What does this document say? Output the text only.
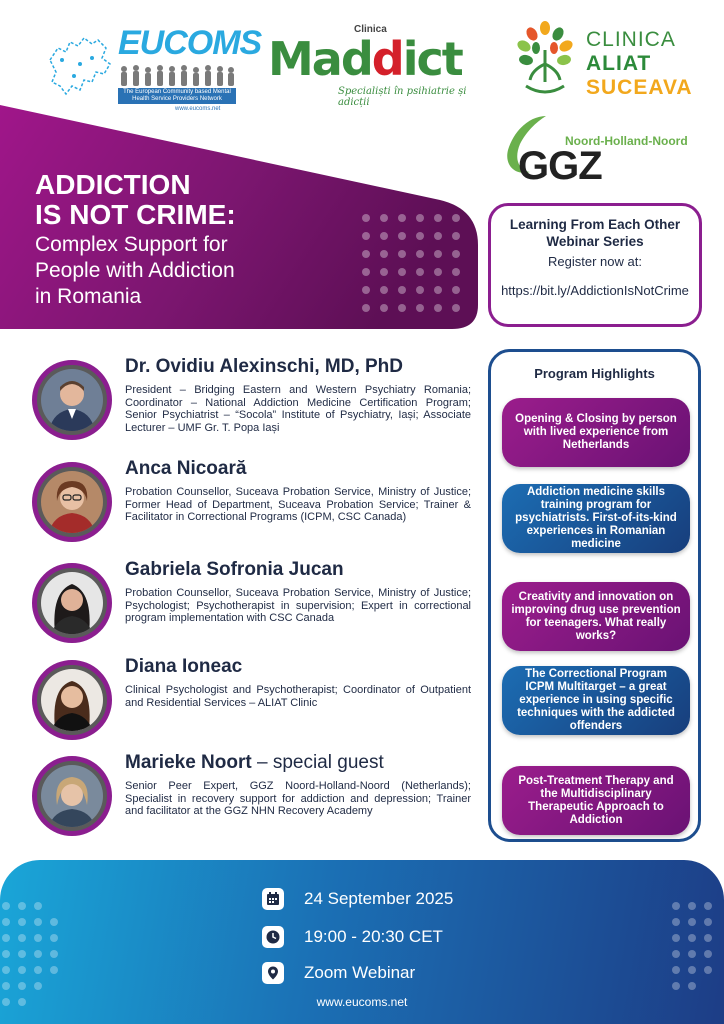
EUCOMS
The European Community based Mental Health Service Providers Network
www.eucoms.net
Clinica
Maddict
Specialiști în psihiatrie și adicții
CLINICA
ALIAT
SUCEAVA
Noord-Holland-Noord
GGZ
ADDICTION
IS NOT CRIME:
Complex Support for
People with Addiction
in Romania
Learning From Each Other Webinar Series
Register now at:
https://bit.ly/AddictionIsNotCrime
Dr. Ovidiu Alexinschi, MD, PhD

President – Bridging Eastern and Western Psychiatry Romania; Coordinator – National Addiction Medicine Certification Program; Senior Psychiatrist – “Socola” Institute of Psychiatry, Iași; Associate Lecturer – UMF Gr. T. Popa Iași

Anca Nicoară

Probation Counsellor, Suceava Probation Service, Ministry of Justice; Former Head of Department, Suceava Probation Service; Trainer & Facilitator in Correctional Programs (ICPM, CSC Canada)

Gabriela Sofronia Jucan

Probation Counsellor, Suceava Probation Service, Ministry of Justice; Psychologist; Psychotherapist in supervision; Expert in correctional program implementation with CSC Canada

Diana Ioneac

Clinical Psychologist and Psychotherapist; Coordinator of Outpatient and Residential Services – ALIAT Clinic

Marieke Noort – special guest

Senior Peer Expert, GGZ Noord-Holland-Noord (Netherlands); Specialist in recovery support for addiction and depression; Trainer and facilitator at the GGZ NHN Recovery Academy

Program Highlights
Opening & Closing by person with lived experience from Netherlands
Addiction medicine skills training program for psychiatrists. First-of-its-kind experiences in Romanian medicine
Creativity and innovation on improving drug use prevention for teenagers. What really works?
The Correctional Program ICPM Multitarget – a great experience in using specific techniques with the addicted offenders
Post-Treatment Therapy and the Multidisciplinary Therapeutic Approach to Addiction
24 September 2025
19:00 - 20:30 CET
Zoom Webinar
www.eucoms.net
